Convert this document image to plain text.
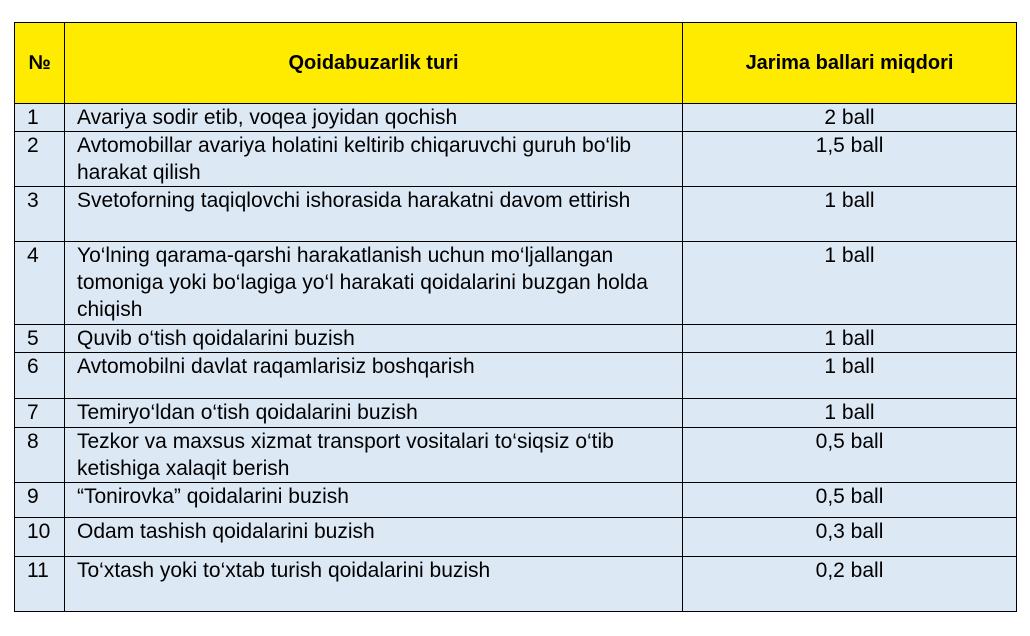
№	Qoidabuzarlik turi	Jarima ballari miqdori
1	Avariya sodir etib, voqea joyidan qochish	2 ball
2	Avtomobillar avariya holatini keltirib chiqaruvchi guruh bo‘lib harakat qilish	1,5 ball
3	Svetoforning taqiqlovchi ishorasida harakatni davom ettirish	1 ball
4	Yo‘lning qarama-qarshi harakatlanish uchun mo‘ljallangan tomoniga yoki bo‘lagiga yo‘l harakati qoidalarini buzgan holda chiqish	1 ball
5	Quvib o‘tish qoidalarini buzish	1 ball
6	Avtomobilni davlat raqamlarisiz boshqarish	1 ball
7	Temiryo‘ldan o‘tish qoidalarini buzish	1 ball
8	Tezkor va maxsus xizmat transport vositalari to‘siqsiz o‘tib ketishiga xalaqit berish	0,5 ball
9	“Tonirovka” qoidalarini buzish	0,5 ball
10	Odam tashish qoidalarini buzish	0,3 ball
11	To‘xtash yoki to‘xtab turish qoidalarini buzish	0,2 ball
